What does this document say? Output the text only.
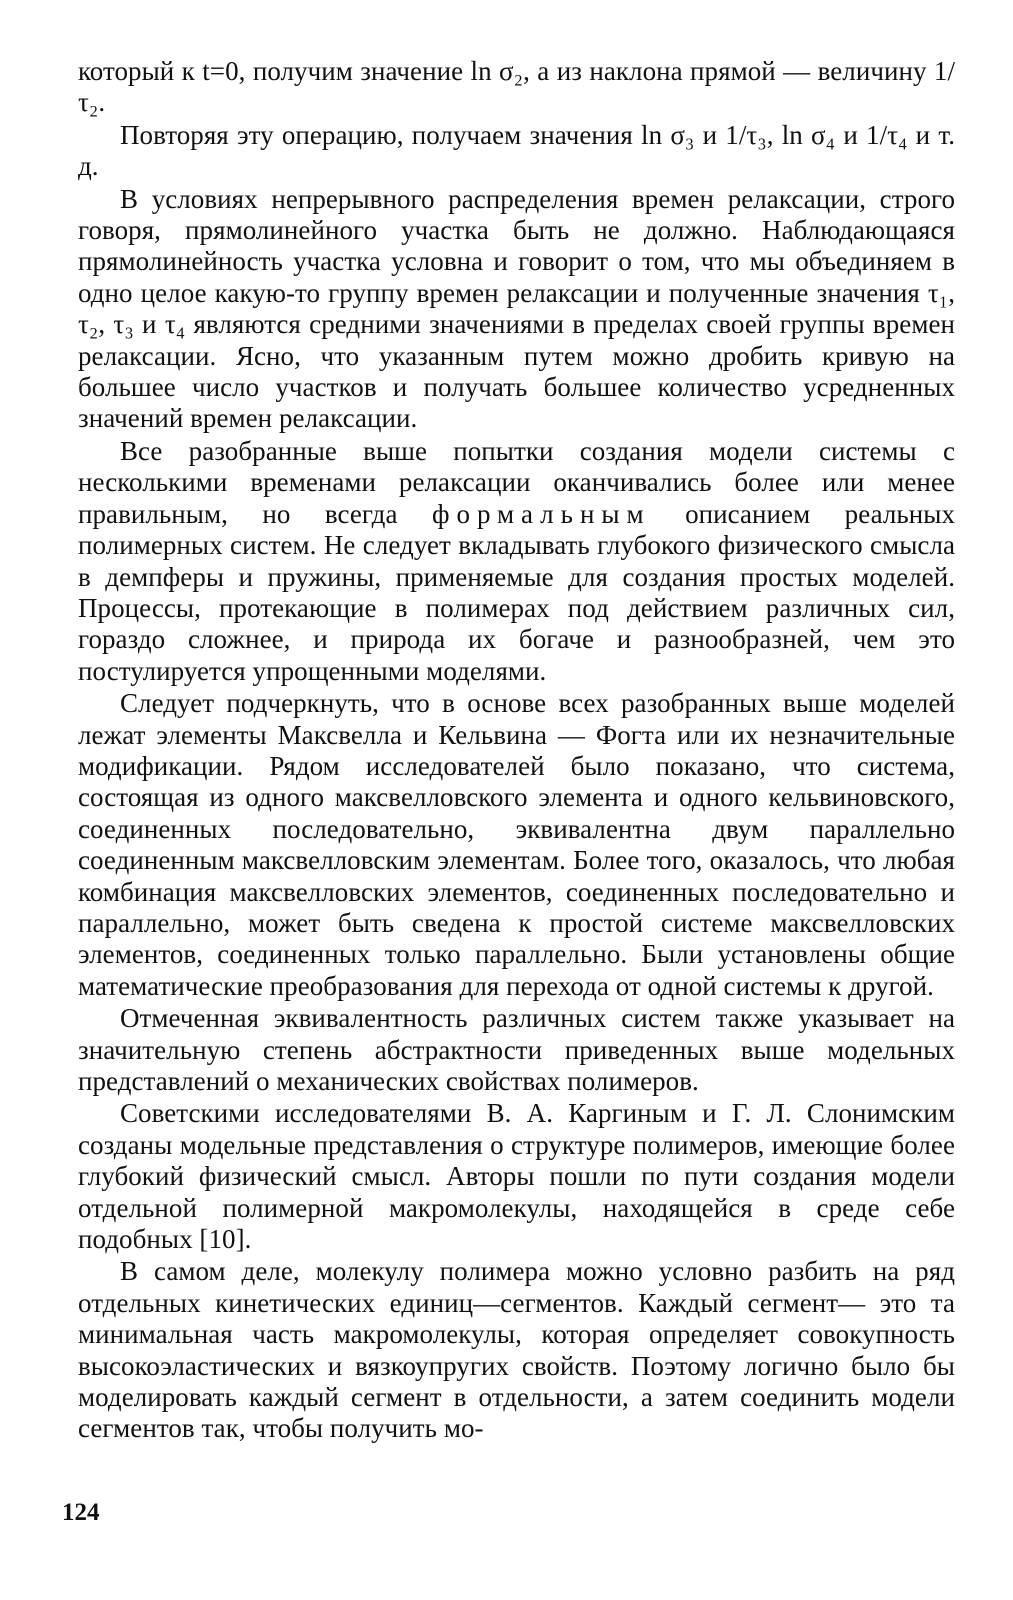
который к t=0, получим значение ln σ₂, а из наклона прямой — величину 1/τ₂.

Повторяя эту операцию, получаем значения ln σ₃ и 1/τ₃, ln σ₄ и 1/τ₄ и т. д.

В условиях непрерывного распределения времен релаксации, строго говоря, прямолинейного участка быть не должно. Наблюдающаяся прямолинейность участка условна и говорит о том, что мы объединяем в одно целое какую-то группу времен релаксации и полученные значения τ₁, τ₂, τ₃ и τ₄ являются средними значениями в пределах своей группы времен релаксации. Ясно, что указанным путем можно дробить кривую на большее число участков и получать большее количество усредненных значений времен релаксации.

Все разобранные выше попытки создания модели системы с несколькими временами релаксации оканчивались более или менее правильным, но всегда формальным описанием реальных полимерных систем. Не следует вкладывать глубокого физического смысла в демпферы и пружины, применяемые для создания простых моделей. Процессы, протекающие в полимерах под действием различных сил, гораздо сложнее, и природа их богаче и разнообразней, чем это постулируется упрощенными моделями.

Следует подчеркнуть, что в основе всех разобранных выше моделей лежат элементы Максвелла и Кельвина — Фогта или их незначительные модификации. Рядом исследователей было показано, что система, состоящая из одного максвелловского элемента и одного кельвиновского, соединенных последовательно, эквивалентна двум параллельно соединенным максвелловским элементам. Более того, оказалось, что любая комбинация максвелловских элементов, соединенных последовательно и параллельно, может быть сведена к простой системе максвелловских элементов, соединенных только параллельно. Были установлены общие математические преобразования для перехода от одной системы к другой.

Отмеченная эквивалентность различных систем также указывает на значительную степень абстрактности приведенных выше модельных представлений о механических свойствах полимеров.

Советскими исследователями В. А. Каргиным и Г. Л. Слонимским созданы модельные представления о структуре полимеров, имеющие более глубокий физический смысл. Авторы пошли по пути создания модели отдельной полимерной макромолекулы, находящейся в среде себе подобных [10].

В самом деле, молекулу полимера можно условно разбить на ряд отдельных кинетических единиц—сегментов. Каждый сегмент— это та минимальная часть макромолекулы, которая определяет совокупность высокоэластических и вязкоупругих свойств. Поэтому логично было бы моделировать каждый сегмент в отдельности, а затем соединить модели сегментов так, чтобы получить мо-

124
